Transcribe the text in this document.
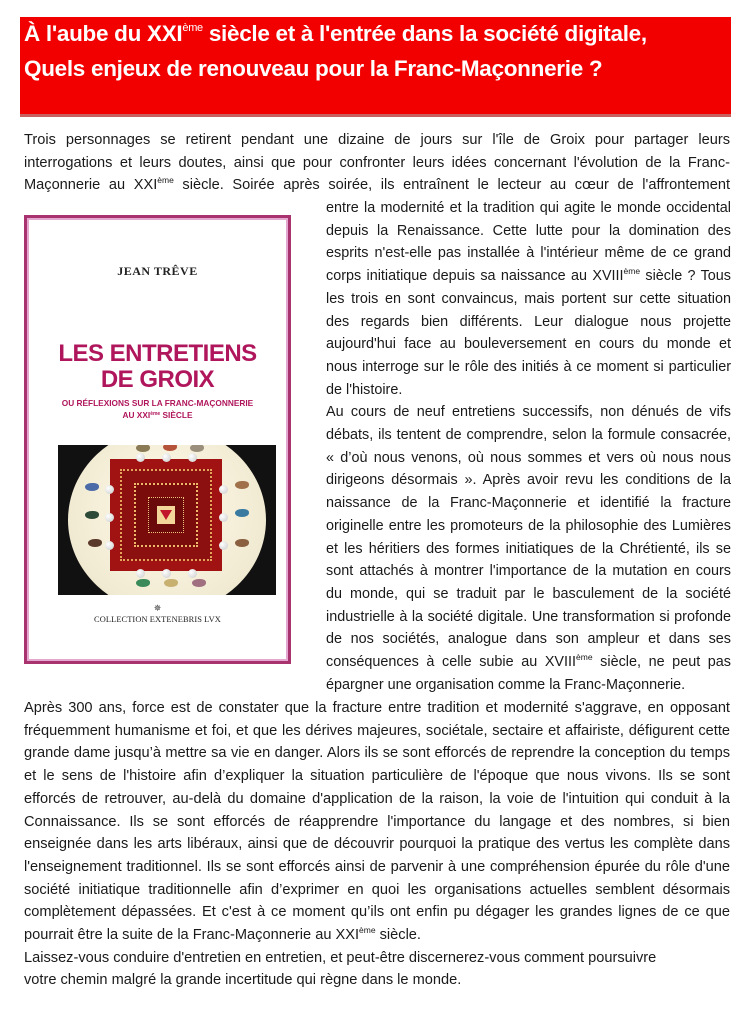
À l'aube du XXIème siècle et à l'entrée dans la société digitale,
Quels enjeux de renouveau pour la Franc-Maçonnerie ?
Trois personnages se retirent pendant une dizaine de jours sur l'île de Groix pour partager leurs
interrogations et leurs doutes, ainsi que pour confronter leurs idées concernant l'évolution de la Franc-
Maçonnerie au XXIème siècle. Soirée après soirée, ils entraînent le lecteur au cœur de l'affrontement
JEAN TRÊVE
LES ENTRETIENS
DE GROIX
OU RÉFLEXIONS SUR LA FRANC-MAÇONNERIE
AU XXIème SIÈCLE
✵
COLLECTION EXTENEBRIS LVX

entre la modernité et la tradition qui agite le monde occidental depuis la Renaissance. Cette lutte pour la domination des esprits n'est-elle pas installée à l'intérieur même de ce grand corps initiatique depuis sa naissance au XVIIIème siècle ? Tous les trois en sont convaincus, mais portent sur cette situation des regards bien différents. Leur dialogue nous projette aujourd'hui face au bouleversement en cours du monde et nous interroge sur le rôle des initiés à ce moment si particulier de l'histoire.

Au cours de neuf entretiens successifs, non dénués de vifs débats, ils tentent de comprendre, selon la formule consacrée, « d’où nous venons, où nous sommes et vers où nous nous dirigeons désormais ». Après avoir revu les conditions de la naissance de la Franc-Maçonnerie et identifié la fracture originelle entre les promoteurs de la philosophie des Lumières et les héritiers des formes initiatiques de la Chrétienté, ils se sont attachés à montrer l'importance de la mutation en cours du monde, qui se traduit par le basculement de la société industrielle à la société digitale. Une transformation si profonde de nos sociétés, analogue dans son ampleur et dans ses conséquences à celle subie au XVIIIème siècle, ne peut pas épargner une organisation comme la Franc-Maçonnerie.

Après 300 ans, force est de constater que la fracture entre tradition et modernité s'aggrave, en opposant fréquemment humanisme et foi, et que les dérives majeures, sociétale, sectaire et affairiste, défigurent cette grande dame jusqu’à mettre sa vie en danger. Alors ils se sont efforcés de reprendre la conception du temps et le sens de l'histoire afin d’expliquer la situation particulière de l'époque que nous vivons. Ils se sont efforcés de retrouver, au-delà du domaine d'application de la raison, la voie de l'intuition qui conduit à la Connaissance. Ils se sont efforcés de réapprendre l'importance du langage et des nombres, si bien enseignée dans les arts libéraux, ainsi que de découvrir pourquoi la pratique des vertus les complète dans l'enseignement traditionnel. Ils se sont efforcés ainsi de parvenir à une compréhension épurée du rôle d'une société initiatique traditionnelle afin d’exprimer en quoi les organisations actuelles semblent désormais complètement dépassées. Et c'est à ce moment qu’ils ont enfin pu dégager les grandes lignes de ce que pourrait être la suite de la Franc-Maçonnerie au XXIème siècle.

Laissez-vous conduire d'entretien en entretien, et peut-être discernerez-vous comment poursuivre
votre chemin malgré la grande incertitude qui règne dans le monde.
